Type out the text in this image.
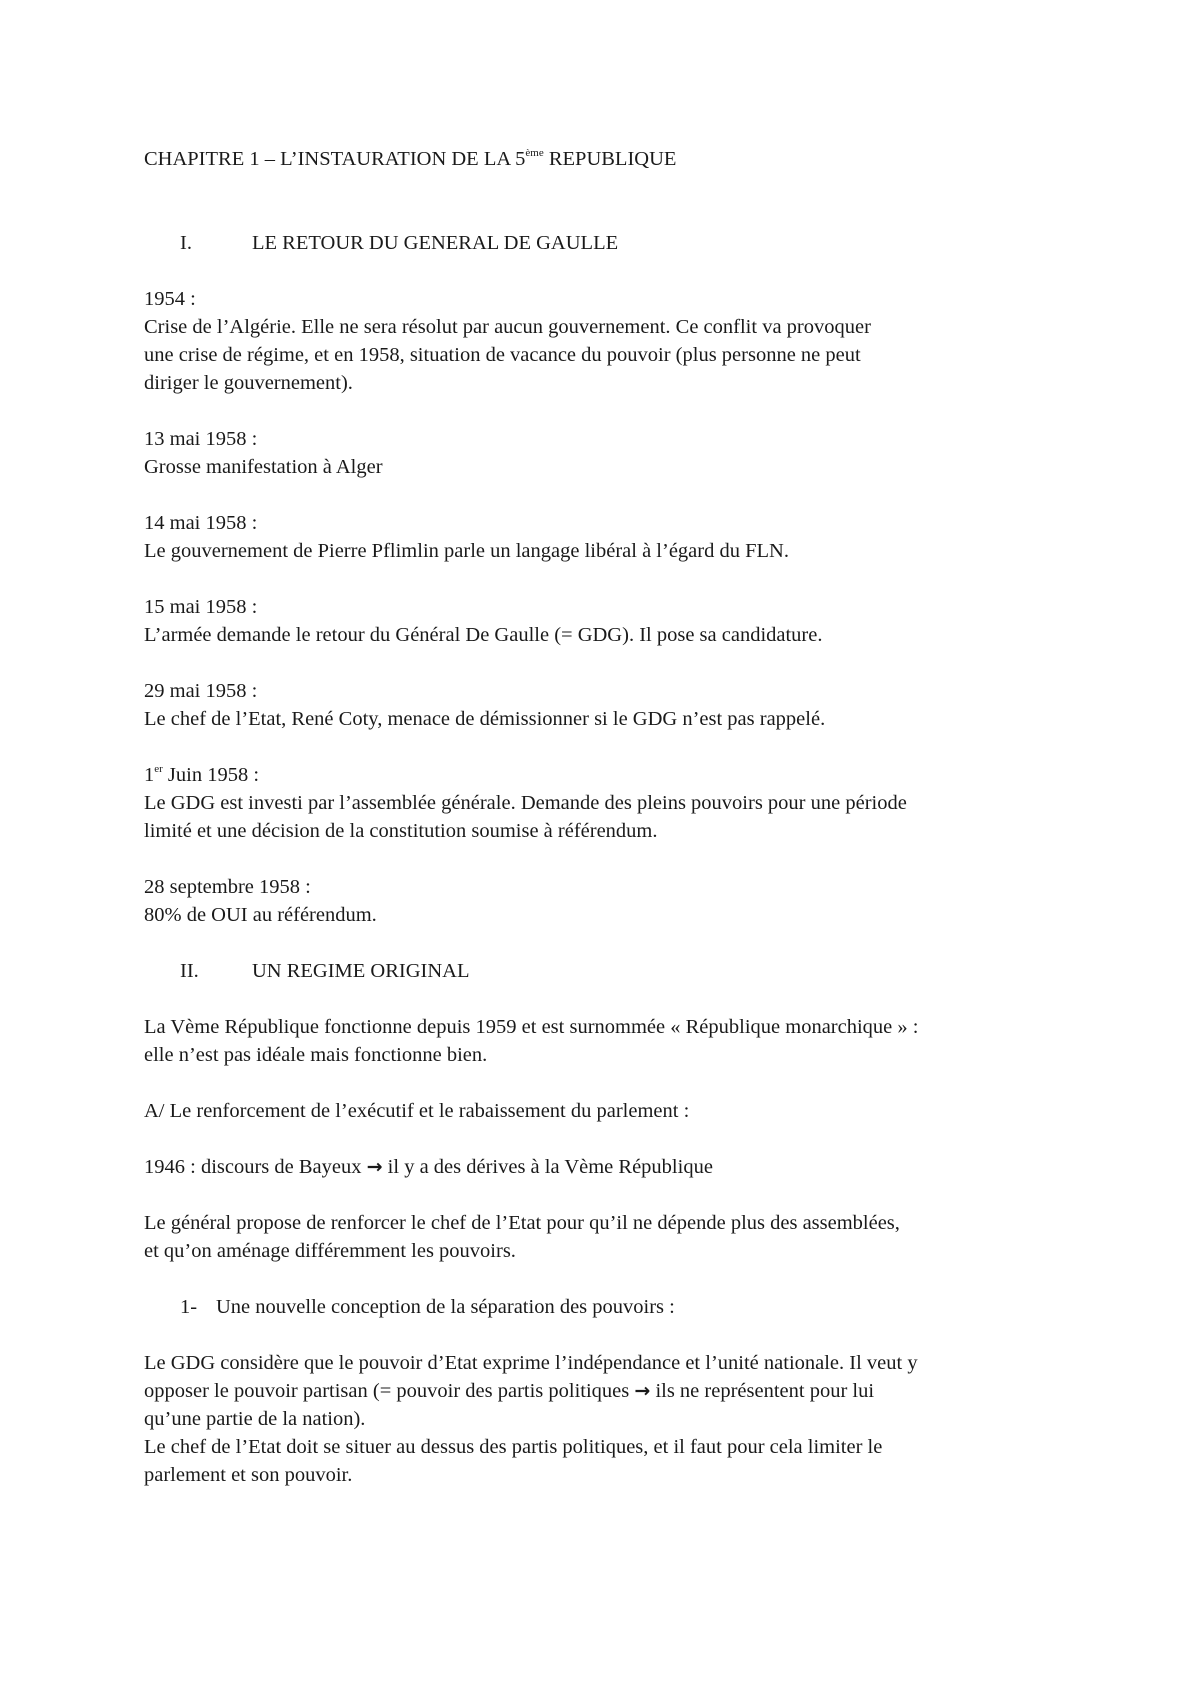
CHAPITRE 1 – L’INSTAURATION DE LA 5ème REPUBLIQUE
I.	LE RETOUR DU GENERAL DE GAULLE
1954 :
Crise de l’Algérie. Elle ne sera résolut par aucun gouvernement. Ce conflit va provoquer
une crise de régime, et en 1958, situation de vacance du pouvoir (plus personne ne peut
diriger le gouvernement).
13 mai 1958 :
Grosse manifestation à Alger
14 mai 1958 :
Le gouvernement de Pierre Pflimlin parle un langage libéral à l’égard du FLN.
15 mai 1958 :
L’armée demande le retour du Général De Gaulle (= GDG). Il pose sa candidature.
29 mai 1958 :
Le chef de l’Etat, René Coty, menace de démissionner si le GDG n’est pas rappelé.
1er Juin 1958 :
Le GDG est investi par l’assemblée générale. Demande des pleins pouvoirs pour une période
limité et une décision de la constitution soumise à référendum.
28 septembre 1958 :
80% de OUI au référendum.
II.	UN REGIME ORIGINAL
La Vème République fonctionne depuis 1959 et est surnommée « République monarchique » :
elle n’est pas idéale mais fonctionne bien.
A/ Le renforcement de l’exécutif et le rabaissement du parlement :
1946 : discours de Bayeux → il y a des dérives à la Vème République
Le général propose de renforcer le chef de l’Etat pour qu’il ne dépende plus des assemblées,
et qu’on aménage différemment les pouvoirs.
1- Une nouvelle conception de la séparation des pouvoirs :
Le GDG considère que le pouvoir d’Etat exprime l’indépendance et l’unité nationale. Il veut y
opposer le pouvoir partisan (= pouvoir des partis politiques → ils ne représentent pour lui
qu’une partie de la nation).
Le chef de l’Etat doit se situer au dessus des partis politiques, et il faut pour cela limiter le
parlement et son pouvoir.
